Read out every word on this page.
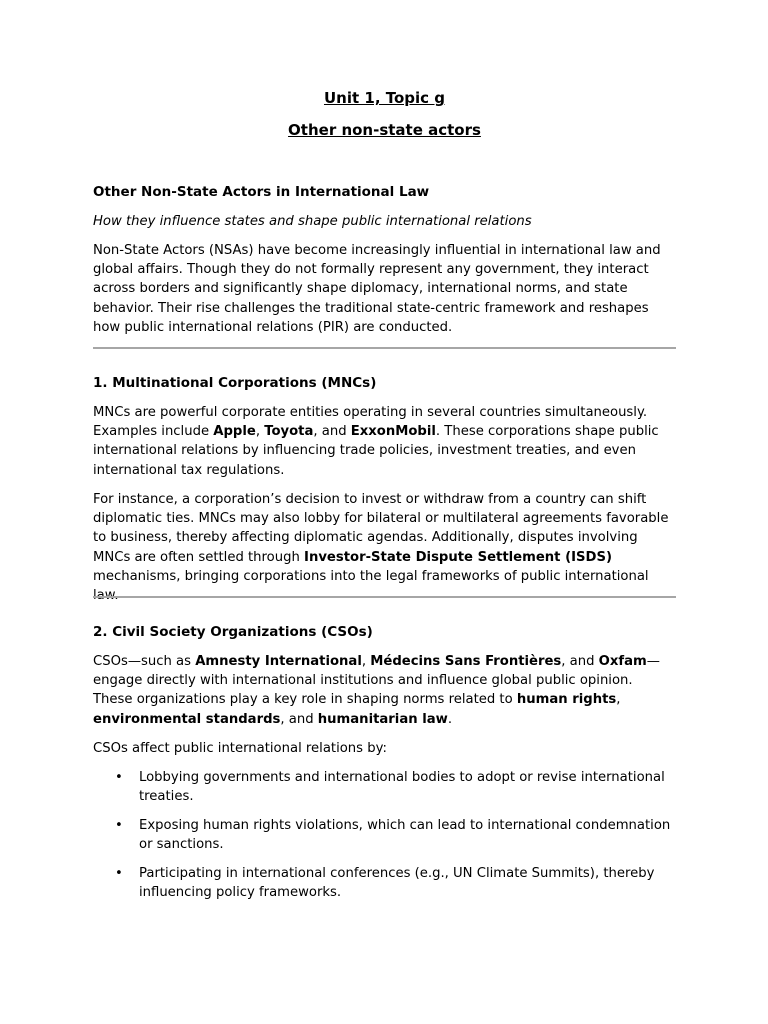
Unit 1, Topic g
Other non-state actors

Other Non-State Actors in International Law

How they influence states and shape public international relations

Non-State Actors (NSAs) have become increasingly influential in international law and global affairs. Though they do not formally represent any government, they interact across borders and significantly shape diplomacy, international norms, and state behavior. Their rise challenges the traditional state-centric framework and reshapes how public international relations (PIR) are conducted.

1. Multinational Corporations (MNCs)

MNCs are powerful corporate entities operating in several countries simultaneously. Examples include Apple, Toyota, and ExxonMobil. These corporations shape public international relations by influencing trade policies, investment treaties, and even international tax regulations.

For instance, a corporation’s decision to invest or withdraw from a country can shift diplomatic ties. MNCs may also lobby for bilateral or multilateral agreements favorable to business, thereby affecting diplomatic agendas. Additionally, disputes involving MNCs are often settled through Investor-State Dispute Settlement (ISDS) mechanisms, bringing corporations into the legal frameworks of public international law.

2. Civil Society Organizations (CSOs)

CSOs—such as Amnesty International, Médecins Sans Frontières, and Oxfam—engage directly with international institutions and influence global public opinion. These organizations play a key role in shaping norms related to human rights, environmental standards, and humanitarian law.

CSOs affect public international relations by:

• Lobbying governments and international bodies to adopt or revise international treaties.
• Exposing human rights violations, which can lead to international condemnation or sanctions.
• Participating in international conferences (e.g., UN Climate Summits), thereby influencing policy frameworks.
